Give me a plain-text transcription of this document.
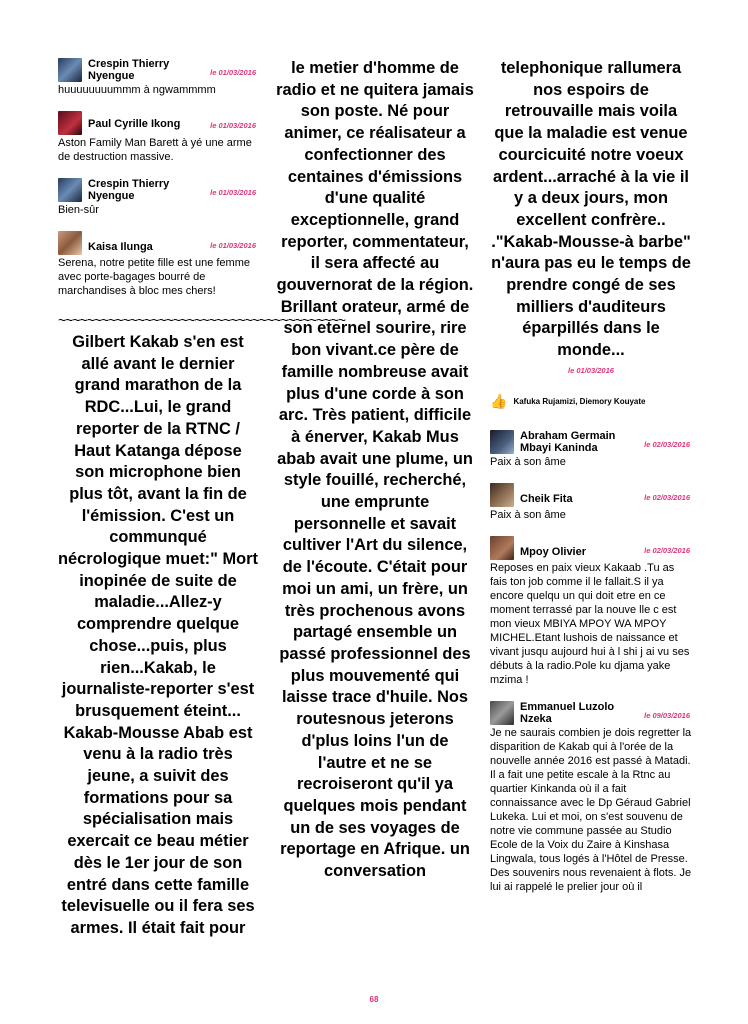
Crespin Thierry Nyengue	le 01/03/2016
huuuuuuuummm à ngwammmm
Paul Cyrille Ikong	le 01/03/2016
Aston Family Man Barett à yé une arme de destruction massive.
Crespin Thierry Nyengue	le 01/03/2016
Bien-sûr
Kaisa Ilunga	le 01/03/2016
Serena, notre petite fille est une femme avec porte-bagages bourré de marchandises à bloc mes chers!
~~~~~~~~~~~~~~~~~~~~~~~~~~~~~~~~~~~~~~~~
Gilbert Kakab s'en est allé avant le dernier grand marathon de la RDC...Lui, le grand reporter de la RTNC / Haut Katanga dépose son microphone bien plus tôt, avant la fin de l'émission. C'est un communqué nécrologique muet:" Mort inopinée de suite de maladie...Allez-y comprendre quelque chose...puis, plus rien...Kakab, le journaliste-reporter s'est brusquement éteint... Kakab-Mousse Abab est venu à la radio très jeune, a suivit des formations pour sa spécialisation mais exercait ce beau métier dès le 1er jour de son entré dans cette famille televisuelle ou il fera ses armes. Il était fait pour
le metier d'homme de radio et ne quitera jamais son poste. Né pour animer, ce réalisateur a confectionner des centaines d'émissions d'une qualité exceptionnelle, grand reporter, commentateur, il sera affecté au gouvernorat de la région. Brillant orateur, armé de son eternel sourire, rire bon vivant.ce père de famille nombreuse avait plus d'une corde à son arc. Très patient, difficile à énerver, Kakab Mus abab avait une plume, un style fouillé, recherché, une emprunte personnelle et savait cultiver l'Art du silence, de l'écoute. C'était pour moi un ami, un frère, un très prochenous avons partagé ensemble un passé professionnel des plus mouvementé qui laisse trace d'huile. Nos routesnous jeterons d'plus loins l'un de l'autre et ne se recroiseront qu'il ya quelques mois pendant un de ses voyages de reportage en Afrique. un conversation
telephonique rallumera nos espoirs de retrouvaille mais voila que la maladie est venue courcicuité notre voeux ardent...arraché à la vie il y a deux jours, mon excellent confrère.. ."Kakab-Mousse-à barbe" n'aura pas eu le temps de prendre congé de ses milliers d'auditeurs éparpillés dans le monde...
le 01/03/2016
👍 Kafuka Rujamizi, Diemory Kouyate
Abraham Germain Mbayi Kaninda	le 02/03/2016
Paix à son âme
Cheik Fita	le 02/03/2016
Paix à son âme
Mpoy Olivier	le 02/03/2016
Reposes en paix vieux Kakaab .Tu as fais ton job comme il le fallait.S il ya encore quelqu un qui doit etre en ce moment terrassé par la nouve lle c est mon vieux MBIYA MPOY WA MPOY MICHEL.Etant lushois de naissance et vivant jusqu aujourd hui à l shi j ai vu ses débuts à la radio.Pole ku djama yake mzima !
Emmanuel Luzolo Nzeka	le 09/03/2016
Je ne saurais combien je dois regretter la disparition de Kakab qui à l'orée de la nouvelle année 2016 est passé à Matadi. Il a fait une petite escale à la Rtnc au quartier Kinkanda où il a fait connaissance avec le Dp Géraud Gabriel Lukeka. Lui et moi, on s'est souvenu de notre vie commune passée au Studio Ecole de la Voix du Zaire à Kinshasa Lingwala, tous logés à l'Hôtel de Presse. Des souvenirs nous revenaient à flots. Je lui ai rappelé le prelier jour où il
68
